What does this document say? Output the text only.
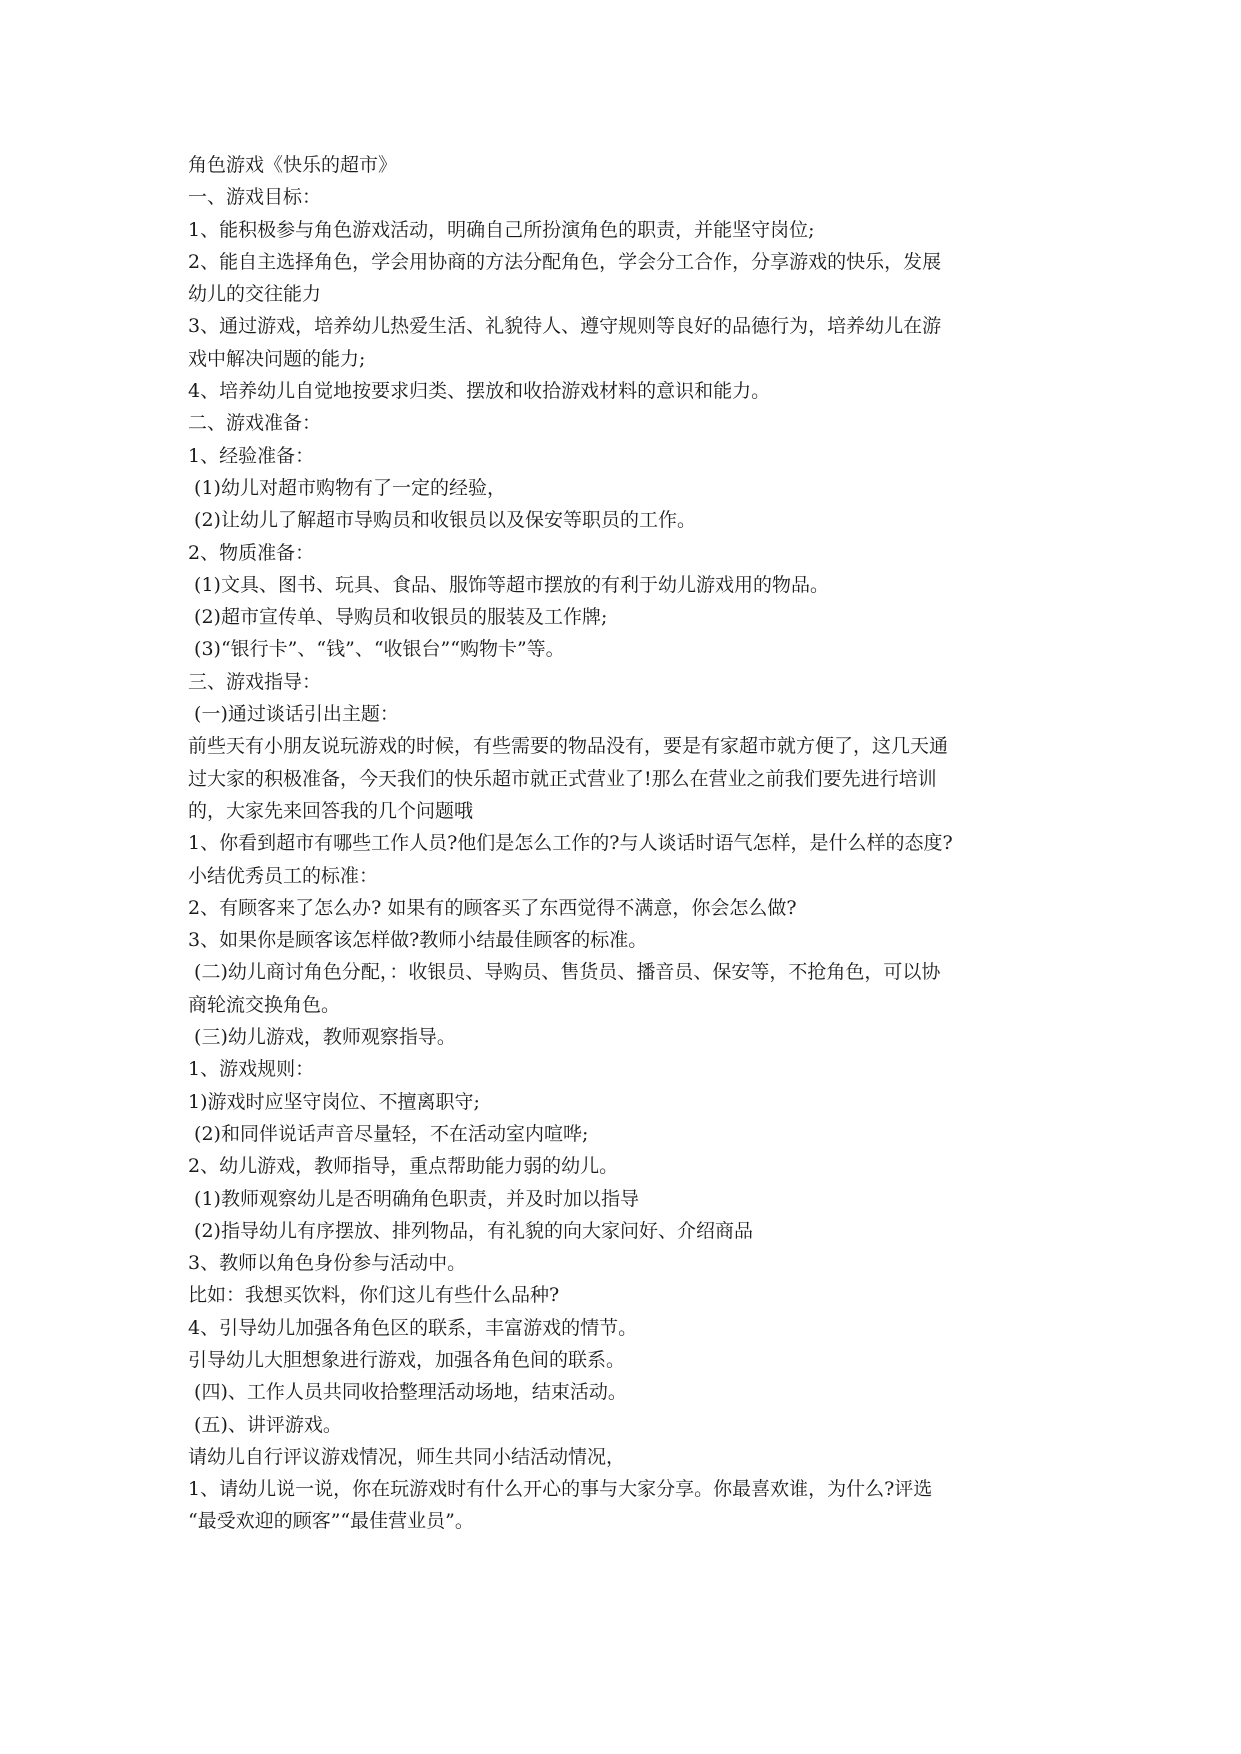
角色游戏《快乐的超市》

一、游戏目标：

1、能积极参与角色游戏活动，明确自己所扮演角色的职责，并能坚守岗位;

2、能自主选择角色，学会用协商的方法分配角色，学会分工合作，分享游戏的快乐，发展

幼儿的交往能力

3、通过游戏，培养幼儿热爱生活、礼貌待人、遵守规则等良好的品德行为，培养幼儿在游

戏中解决问题的能力;

4、培养幼儿自觉地按要求归类、摆放和收拾游戏材料的意识和能力。

二、游戏准备：

1、经验准备：

(1)幼儿对超市购物有了一定的经验，

(2)让幼儿了解超市导购员和收银员以及保安等职员的工作。

2、物质准备：

(1)文具、图书、玩具、食品、服饰等超市摆放的有利于幼儿游戏用的物品。

(2)超市宣传单、导购员和收银员的服装及工作牌;

(3)“银行卡”、“钱”、“收银台”“购物卡”等。

三、游戏指导：

(一)通过谈话引出主题：

前些天有小朋友说玩游戏的时候，有些需要的物品没有，要是有家超市就方便了，这几天通

过大家的积极准备，今天我们的快乐超市就正式营业了!那么在营业之前我们要先进行培训

的，大家先来回答我的几个问题哦

1、你看到超市有哪些工作人员?他们是怎么工作的?与人谈话时语气怎样，是什么样的态度?

小结优秀员工的标准：

2、有顾客来了怎么办? 如果有的顾客买了东西觉得不满意，你会怎么做?

3、如果你是顾客该怎样做?教师小结最佳顾客的标准。

(二)幼儿商讨角色分配，：收银员、导购员、售货员、播音员、保安等，不抢角色，可以协

商轮流交换角色。

(三)幼儿游戏，教师观察指导。

1、游戏规则：

1)游戏时应坚守岗位、不擅离职守;

(2)和同伴说话声音尽量轻，不在活动室内喧哗;

2、幼儿游戏，教师指导，重点帮助能力弱的幼儿。

(1)教师观察幼儿是否明确角色职责，并及时加以指导

(2)指导幼儿有序摆放、排列物品，有礼貌的向大家问好、介绍商品

3、教师以角色身份参与活动中。

比如：我想买饮料，你们这儿有些什么品种?

4、引导幼儿加强各角色区的联系，丰富游戏的情节。

引导幼儿大胆想象进行游戏，加强各角色间的联系。

(四)、工作人员共同收拾整理活动场地，结束活动。

(五)、讲评游戏。

请幼儿自行评议游戏情况，师生共同小结活动情况，

1、请幼儿说一说，你在玩游戏时有什么开心的事与大家分享。你最喜欢谁，为什么?评选

“最受欢迎的顾客”“最佳营业员”。
